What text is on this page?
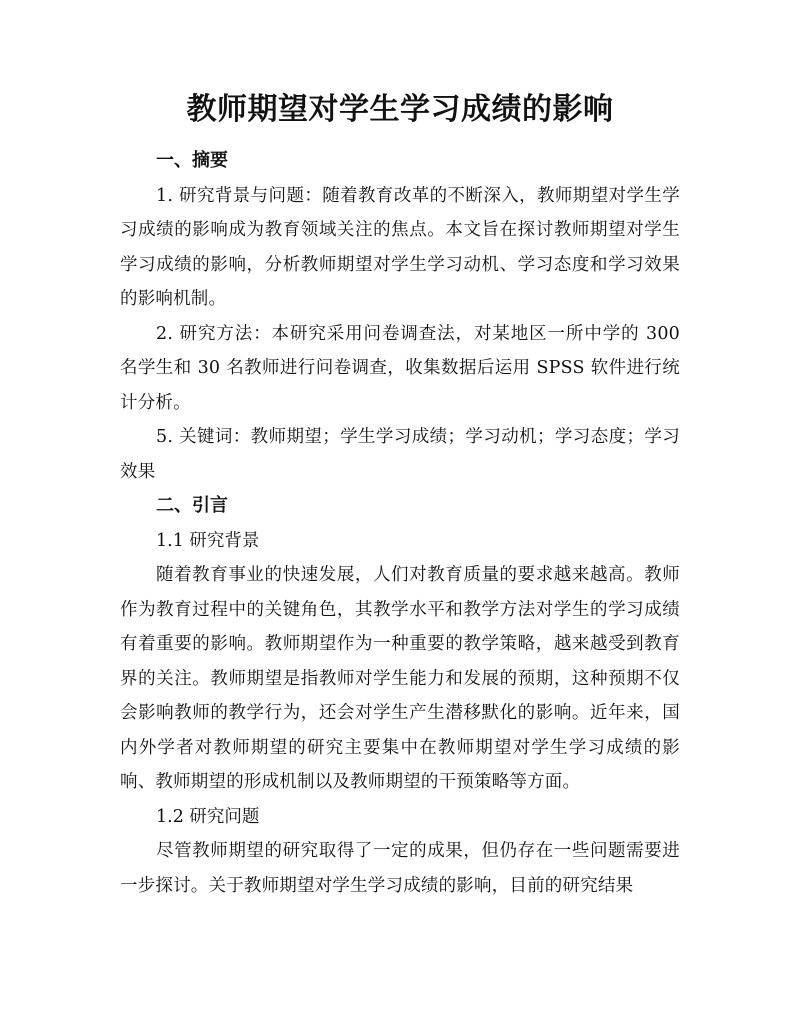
教师期望对学生学习成绩的影响
一、摘要

1. 研究背景与问题：随着教育改革的不断深入，教师期望对学生学习成绩的影响成为教育领域关注的焦点。本文旨在探讨教师期望对学生学习成绩的影响，分析教师期望对学生学习动机、学习态度和学习效果的影响机制。

2. 研究方法：本研究采用问卷调查法，对某地区一所中学的 300 名学生和 30 名教师进行问卷调查，收集数据后运用 SPSS 软件进行统计分析。

5. 关键词：教师期望；学生学习成绩；学习动机；学习态度；学习效果

二、引言
1.1 研究背景

随着教育事业的快速发展，人们对教育质量的要求越来越高。教师作为教育过程中的关键角色，其教学水平和教学方法对学生的学习成绩有着重要的影响。教师期望作为一种重要的教学策略，越来越受到教育界的关注。教师期望是指教师对学生能力和发展的预期，这种预期不仅会影响教师的教学行为，还会对学生产生潜移默化的影响。近年来，国内外学者对教师期望的研究主要集中在教师期望对学生学习成绩的影响、教师期望的形成机制以及教师期望的干预策略等方面。

1.2 研究问题

尽管教师期望的研究取得了一定的成果，但仍存在一些问题需要进一步探讨。关于教师期望对学生学习成绩的影响，目前的研究结果
